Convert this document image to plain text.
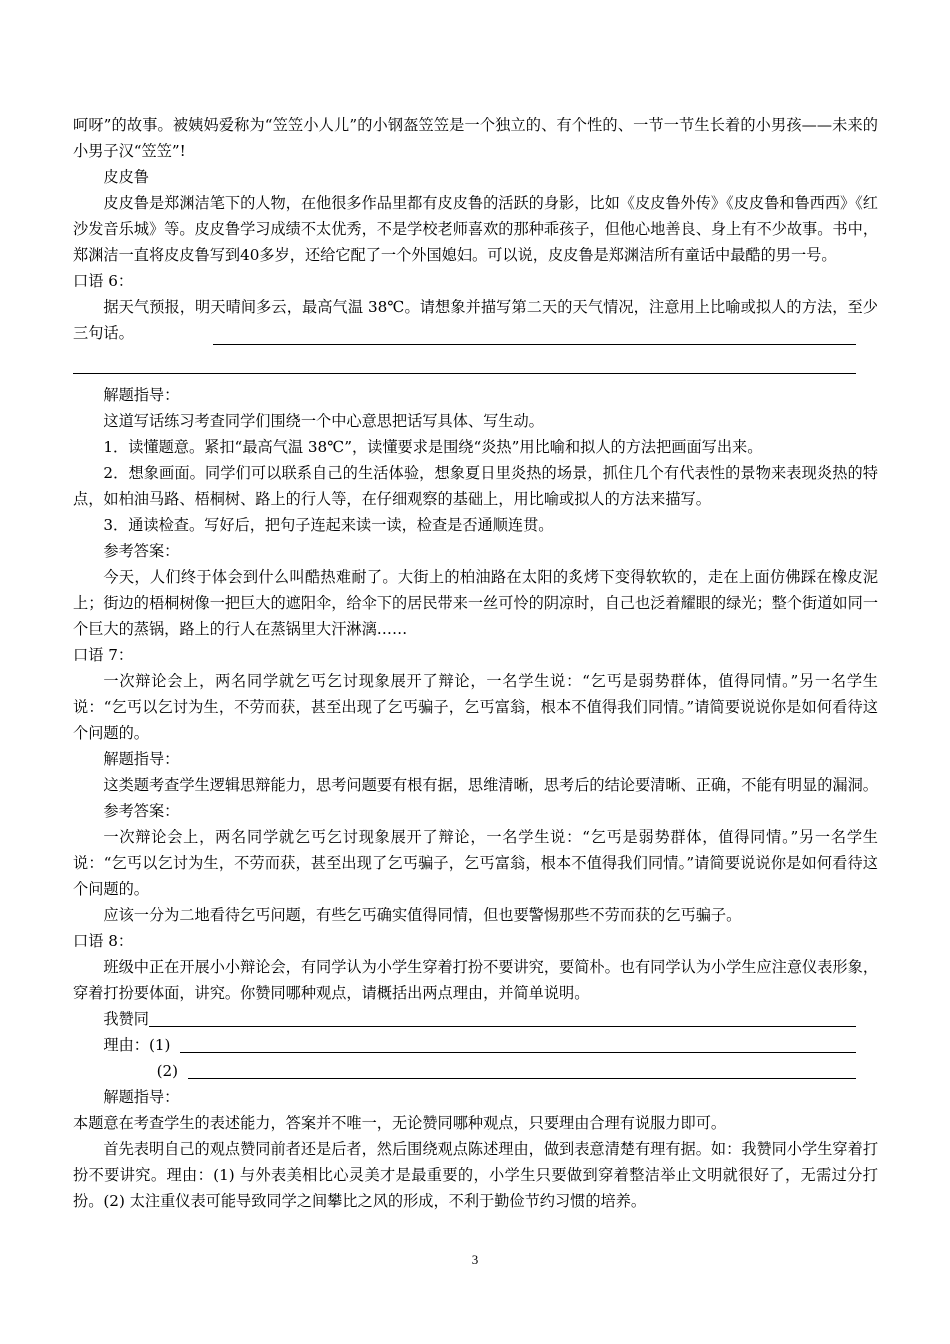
呵呀”的故事。被姨妈爱称为“笠笠小人儿”的小钢盔笠笠是一个独立的、有个性的、一节一节生长着的小男孩——未来的小男子汉“笠笠”!

皮皮鲁

皮皮鲁是郑渊洁笔下的人物，在他很多作品里都有皮皮鲁的活跃的身影，比如《皮皮鲁外传》《皮皮鲁和鲁西西》《红沙发音乐城》等。皮皮鲁学习成绩不太优秀，不是学校老师喜欢的那种乖孩子，但他心地善良、身上有不少故事。书中，郑渊洁一直将皮皮鲁写到40多岁，还给它配了一个外国媳妇。可以说，皮皮鲁是郑渊洁所有童话中最酷的男一号。

口语 6：

据天气预报，明天晴间多云，最高气温 38℃。请想象并描写第二天的天气情况，注意用上比喻或拟人的方法，至少三句话。

解题指导：

这道写话练习考查同学们围绕一个中心意思把话写具体、写生动。

1．读懂题意。紧扣“最高气温 38℃”，读懂要求是围绕“炎热”用比喻和拟人的方法把画面写出来。

2．想象画面。同学们可以联系自己的生活体验，想象夏日里炎热的场景，抓住几个有代表性的景物来表现炎热的特点，如柏油马路、梧桐树、路上的行人等，在仔细观察的基础上，用比喻或拟人的方法来描写。

3．通读检查。写好后，把句子连起来读一读，检查是否通顺连贯。

参考答案：

今天，人们终于体会到什么叫酷热难耐了。大街上的柏油路在太阳的炙烤下变得软软的，走在上面仿佛踩在橡皮泥上；街边的梧桐树像一把巨大的遮阳伞，给伞下的居民带来一丝可怜的阴凉时，自己也泛着耀眼的绿光；整个街道如同一个巨大的蒸锅，路上的行人在蒸锅里大汗淋漓……

口语 7：

一次辩论会上，两名同学就乞丐乞讨现象展开了辩论，一名学生说：“乞丐是弱势群体，值得同情。”另一名学生说：“乞丐以乞讨为生，不劳而获，甚至出现了乞丐骗子，乞丐富翁，根本不值得我们同情。”请简要说说你是如何看待这个问题的。

解题指导：

这类题考查学生逻辑思辩能力，思考问题要有根有据，思维清晰，思考后的结论要清晰、正确，不能有明显的漏洞。

参考答案：

一次辩论会上，两名同学就乞丐乞讨现象展开了辩论，一名学生说：“乞丐是弱势群体，值得同情。”另一名学生说：“乞丐以乞讨为生，不劳而获，甚至出现了乞丐骗子，乞丐富翁，根本不值得我们同情。”请简要说说你是如何看待这个问题的。

应该一分为二地看待乞丐问题，有些乞丐确实值得同情，但也要警惕那些不劳而获的乞丐骗子。

口语 8：

班级中正在开展小小辩论会，有同学认为小学生穿着打扮不要讲究，要简朴。也有同学认为小学生应注意仪表形象，穿着打扮要体面，讲究。你赞同哪种观点，请概括出两点理由，并简单说明。

我赞同
理由：(1)
(2)

解题指导：

本题意在考查学生的表述能力，答案并不唯一，无论赞同哪种观点，只要理由合理有说服力即可。

首先表明自己的观点赞同前者还是后者，然后围绕观点陈述理由，做到表意清楚有理有据。如：我赞同小学生穿着打扮不要讲究。理由：(1) 与外表美相比心灵美才是最重要的，小学生只要做到穿着整洁举止文明就很好了，无需过分打扮。(2) 太注重仪表可能导致同学之间攀比之风的形成，不利于勤俭节约习惯的培养。

3
